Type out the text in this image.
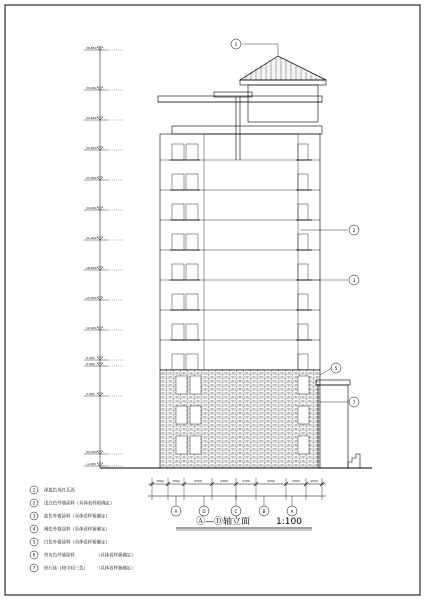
36.850
33.900
33.600
30.900
27.900
24.900
21.900
18.000
15.000
12.000
9.000
6.000
3.000
±0.000
-1.400
1
2
3
5
7
1500	1500	4200	2400	2100	4200	1500	1500
A	D	C	B	A
Ⓐ—Ⓓ轴立面	1:100
1 深蓝色英红瓦面
2 浅白色外墙涂料（具体看样板确定）
3 蓝色外墙涂料（具体看样板确定）
4 褐色外墙涂料（具体看样板确定）
5 白色外墙涂料（具体看样板确定）
6 淡灰色外墙涂料	（具体看样板确定）
7 砂石砖（按中间三色） （具体看样板确定）
